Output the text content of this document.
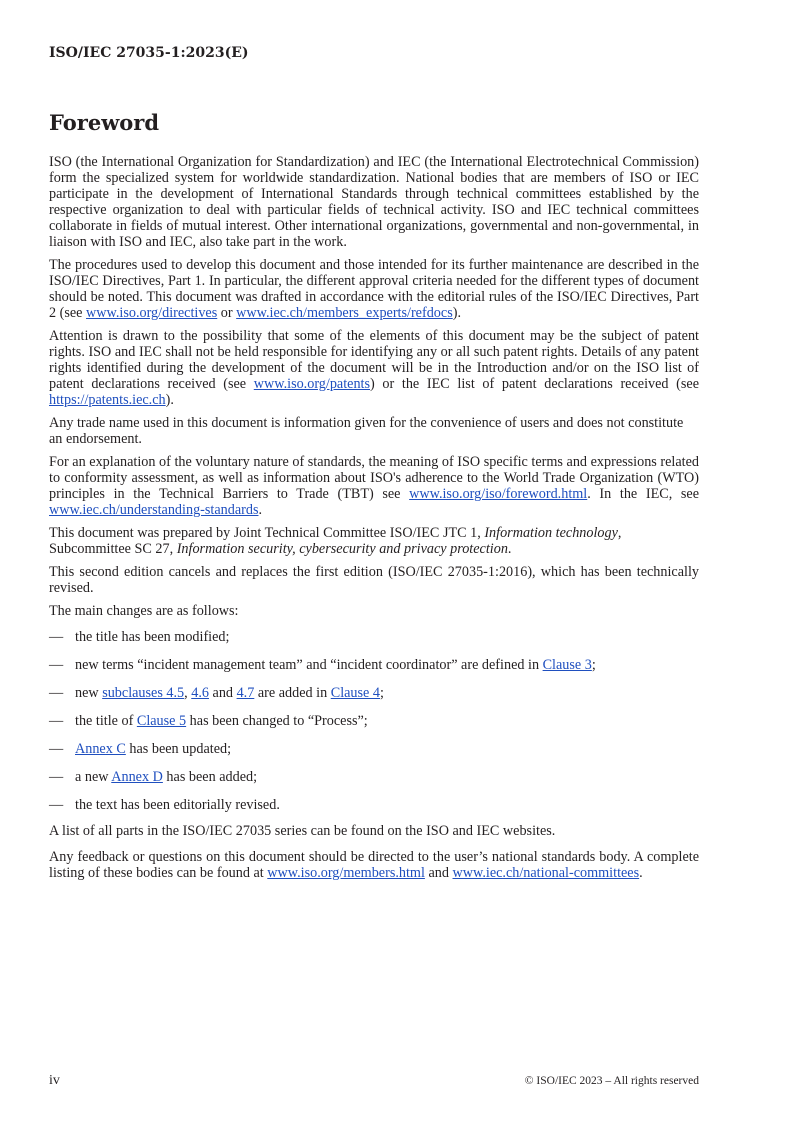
ISO/IEC 27035-1:2023(E)
Foreword

ISO (the International Organization for Standardization) and IEC (the International Electrotechnical Commission) form the specialized system for worldwide standardization. National bodies that are members of ISO or IEC participate in the development of International Standards through technical committees established by the respective organization to deal with particular fields of technical activity. ISO and IEC technical committees collaborate in fields of mutual interest. Other international organizations, governmental and non-governmental, in liaison with ISO and IEC, also take part in the work.

The procedures used to develop this document and those intended for its further maintenance are described in the ISO/IEC Directives, Part 1. In particular, the different approval criteria needed for the different types of document should be noted. This document was drafted in accordance with the editorial rules of the ISO/IEC Directives, Part 2 (see www.iso.org/directives or www.iec.ch/members_experts/refdocs).

Attention is drawn to the possibility that some of the elements of this document may be the subject of patent rights. ISO and IEC shall not be held responsible for identifying any or all such patent rights. Details of any patent rights identified during the development of the document will be in the Introduction and/or on the ISO list of patent declarations received (see www.iso.org/patents) or the IEC list of patent declarations received (see https://patents.iec.ch).

Any trade name used in this document is information given for the convenience of users and does not constitute an endorsement.

For an explanation of the voluntary nature of standards, the meaning of ISO specific terms and expressions related to conformity assessment, as well as information about ISO's adherence to the World Trade Organization (WTO) principles in the Technical Barriers to Trade (TBT) see www.iso.org/iso/foreword.html. In the IEC, see www.iec.ch/understanding-standards.

This document was prepared by Joint Technical Committee ISO/IEC JTC 1, Information technology, Subcommittee SC 27, Information security, cybersecurity and privacy protection.

This second edition cancels and replaces the first edition (ISO/IEC 27035-1:2016), which has been technically revised.

The main changes are as follows:

— the title has been modified;
— new terms “incident management team” and “incident coordinator” are defined in Clause 3;
— new subclauses 4.5, 4.6 and 4.7 are added in Clause 4;
— the title of Clause 5 has been changed to “Process”;
— Annex C has been updated;
— a new Annex D has been added;
— the text has been editorially revised.

A list of all parts in the ISO/IEC 27035 series can be found on the ISO and IEC websites.

Any feedback or questions on this document should be directed to the user’s national standards body. A complete listing of these bodies can be found at www.iso.org/members.html and www.iec.ch/national-committees.

iv	© ISO/IEC 2023 – All rights reserved
